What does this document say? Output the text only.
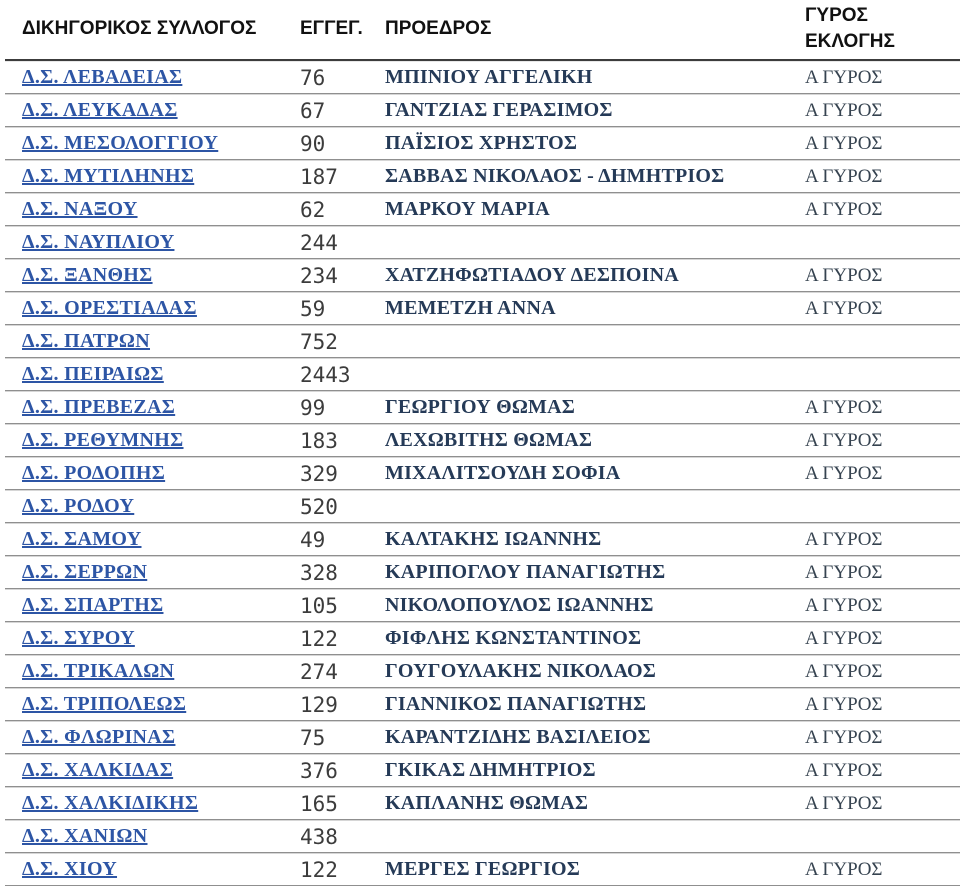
ΔΙΚΗΓΟΡΙΚΟΣ ΣΥΛΛΟΓΟΣ	ΕΓΓΕΓ.	ΠΡΟΕΔΡΟΣ	ΓΥΡΟΣ ΕΚΛΟΓΗΣ
Δ.Σ. ΛΕΒΑΔΕΙΑΣ	76	ΜΠΙΝΙΟΥ ΑΓΓΕΛΙΚΗ	Α ΓΥΡΟΣ
Δ.Σ. ΛΕΥΚΑΔΑΣ	67	ΓΑΝΤΖΙΑΣ ΓΕΡΑΣΙΜΟΣ	Α ΓΥΡΟΣ
Δ.Σ. ΜΕΣΟΛΟΓΓΙΟΥ	90	ΠΑΪΣΙΟΣ ΧΡΗΣΤΟΣ	Α ΓΥΡΟΣ
Δ.Σ. ΜΥΤΙΛΗΝΗΣ	187	ΣΑΒΒΑΣ ΝΙΚΟΛΑΟΣ - ΔΗΜΗΤΡΙΟΣ	Α ΓΥΡΟΣ
Δ.Σ. ΝΑΞΟΥ	62	ΜΑΡΚΟΥ ΜΑΡΙΑ	Α ΓΥΡΟΣ
Δ.Σ. ΝΑΥΠΛΙΟΥ	244		
Δ.Σ. ΞΑΝΘΗΣ	234	ΧΑΤΖΗΦΩΤΙΑΔΟΥ ΔΕΣΠΟΙΝΑ	Α ΓΥΡΟΣ
Δ.Σ. ΟΡΕΣΤΙΑΔΑΣ	59	ΜΕΜΕΤΖΗ ΑΝΝΑ	Α ΓΥΡΟΣ
Δ.Σ. ΠΑΤΡΩΝ	752		
Δ.Σ. ΠΕΙΡΑΙΩΣ	2443		
Δ.Σ. ΠΡΕΒΕΖΑΣ	99	ΓΕΩΡΓΙΟΥ ΘΩΜΑΣ	Α ΓΥΡΟΣ
Δ.Σ. ΡΕΘΥΜΝΗΣ	183	ΛΕΧΩΒΙΤΗΣ ΘΩΜΑΣ	Α ΓΥΡΟΣ
Δ.Σ. ΡΟΔΟΠΗΣ	329	ΜΙΧΑΛΙΤΣΟΥΔΗ ΣΟΦΙΑ	Α ΓΥΡΟΣ
Δ.Σ. ΡΟΔΟΥ	520		
Δ.Σ. ΣΑΜΟΥ	49	ΚΑΛΤΑΚΗΣ ΙΩΑΝΝΗΣ	Α ΓΥΡΟΣ
Δ.Σ. ΣΕΡΡΩΝ	328	ΚΑΡΙΠΟΓΛΟΥ ΠΑΝΑΓΙΩΤΗΣ	Α ΓΥΡΟΣ
Δ.Σ. ΣΠΑΡΤΗΣ	105	ΝΙΚΟΛΟΠΟΥΛΟΣ ΙΩΑΝΝΗΣ	Α ΓΥΡΟΣ
Δ.Σ. ΣΥΡΟΥ	122	ΦΙΦΛΗΣ ΚΩΝΣΤΑΝΤΙΝΟΣ	Α ΓΥΡΟΣ
Δ.Σ. ΤΡΙΚΑΛΩΝ	274	ΓΟΥΓΟΥΛΑΚΗΣ ΝΙΚΟΛΑΟΣ	Α ΓΥΡΟΣ
Δ.Σ. ΤΡΙΠΟΛΕΩΣ	129	ΓΙΑΝΝΙΚΟΣ ΠΑΝΑΓΙΩΤΗΣ	Α ΓΥΡΟΣ
Δ.Σ. ΦΛΩΡΙΝΑΣ	75	ΚΑΡΑΝΤΖΙΔΗΣ ΒΑΣΙΛΕΙΟΣ	Α ΓΥΡΟΣ
Δ.Σ. ΧΑΛΚΙΔΑΣ	376	ΓΚΙΚΑΣ ΔΗΜΗΤΡΙΟΣ	Α ΓΥΡΟΣ
Δ.Σ. ΧΑΛΚΙΔΙΚΗΣ	165	ΚΑΠΛΑΝΗΣ ΘΩΜΑΣ	Α ΓΥΡΟΣ
Δ.Σ. ΧΑΝΙΩΝ	438		
Δ.Σ. ΧΙΟΥ	122	ΜΕΡΓΕΣ ΓΕΩΡΓΙΟΣ	Α ΓΥΡΟΣ
